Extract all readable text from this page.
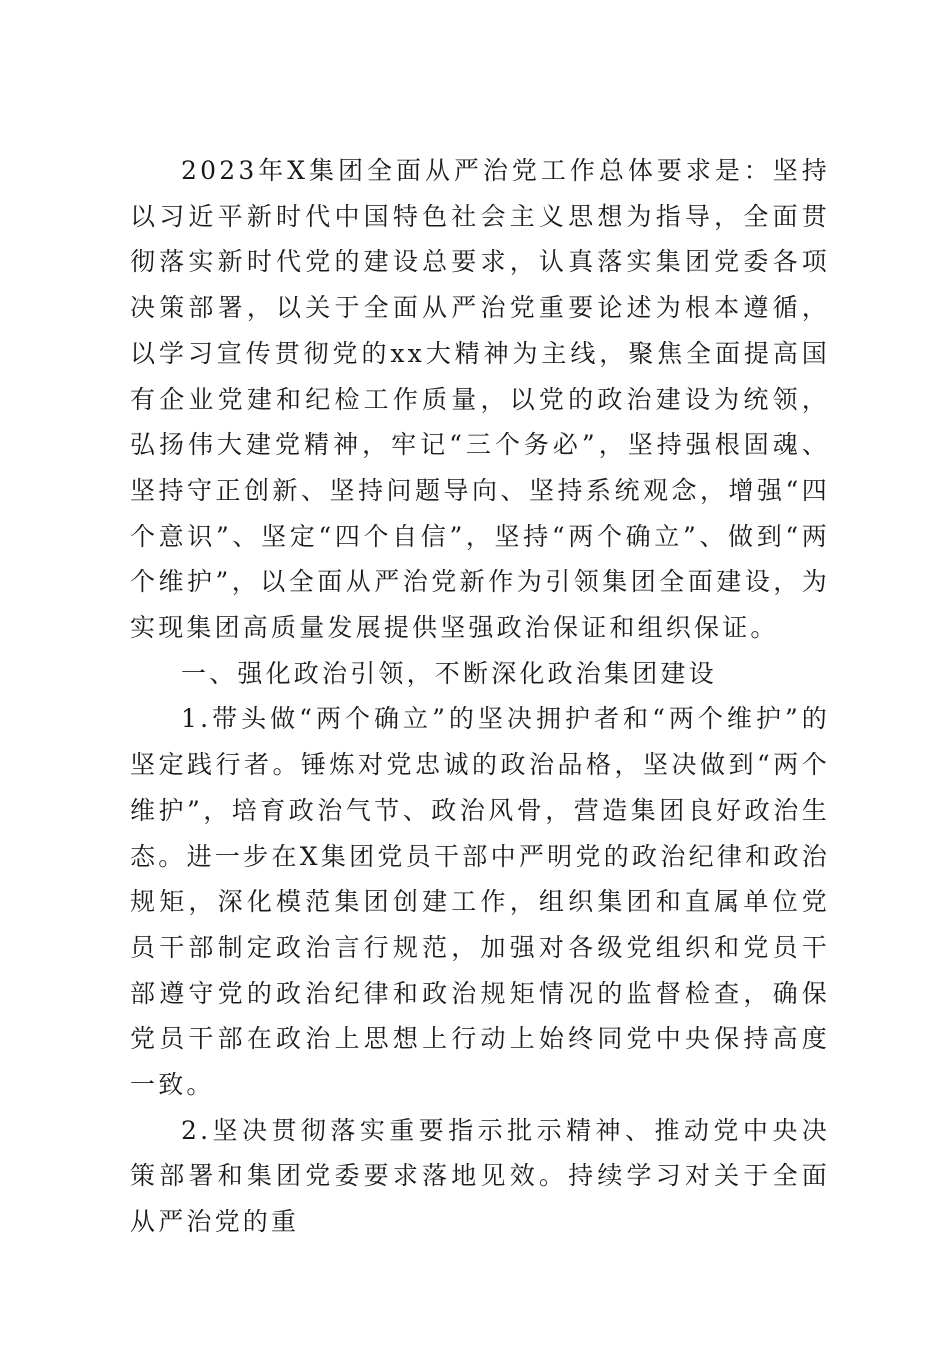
2023年X集团全面从严治党工作总体要求是：坚持以习近平新时代中国特色社会主义思想为指导，全面贯彻落实新时代党的建设总要求，认真落实集团党委各项决策部署，以关于全面从严治党重要论述为根本遵循，以学习宣传贯彻党的xx大精神为主线，聚焦全面提高国有企业党建和纪检工作质量，以党的政治建设为统领，弘扬伟大建党精神，牢记“三个务必”，坚持强根固魂、坚持守正创新、坚持问题导向、坚持系统观念，增强“四个意识”、坚定“四个自信”，坚持“两个确立”、做到“两个维护”，以全面从严治党新作为引领集团全面建设，为实现集团高质量发展提供坚强政治保证和组织保证。

一、强化政治引领，不断深化政治集团建设

1.带头做“两个确立”的坚决拥护者和“两个维护”的坚定践行者。锤炼对党忠诚的政治品格，坚决做到“两个维护”，培育政治气节、政治风骨，营造集团良好政治生态。进一步在X集团党员干部中严明党的政治纪律和政治规矩，深化模范集团创建工作，组织集团和直属单位党员干部制定政治言行规范，加强对各级党组织和党员干部遵守党的政治纪律和政治规矩情况的监督检查，确保党员干部在政治上思想上行动上始终同党中央保持高度一致。

2.坚决贯彻落实重要指示批示精神、推动党中央决策部署和集团党委要求落地见效。持续学习对关于全面从严治党的重
